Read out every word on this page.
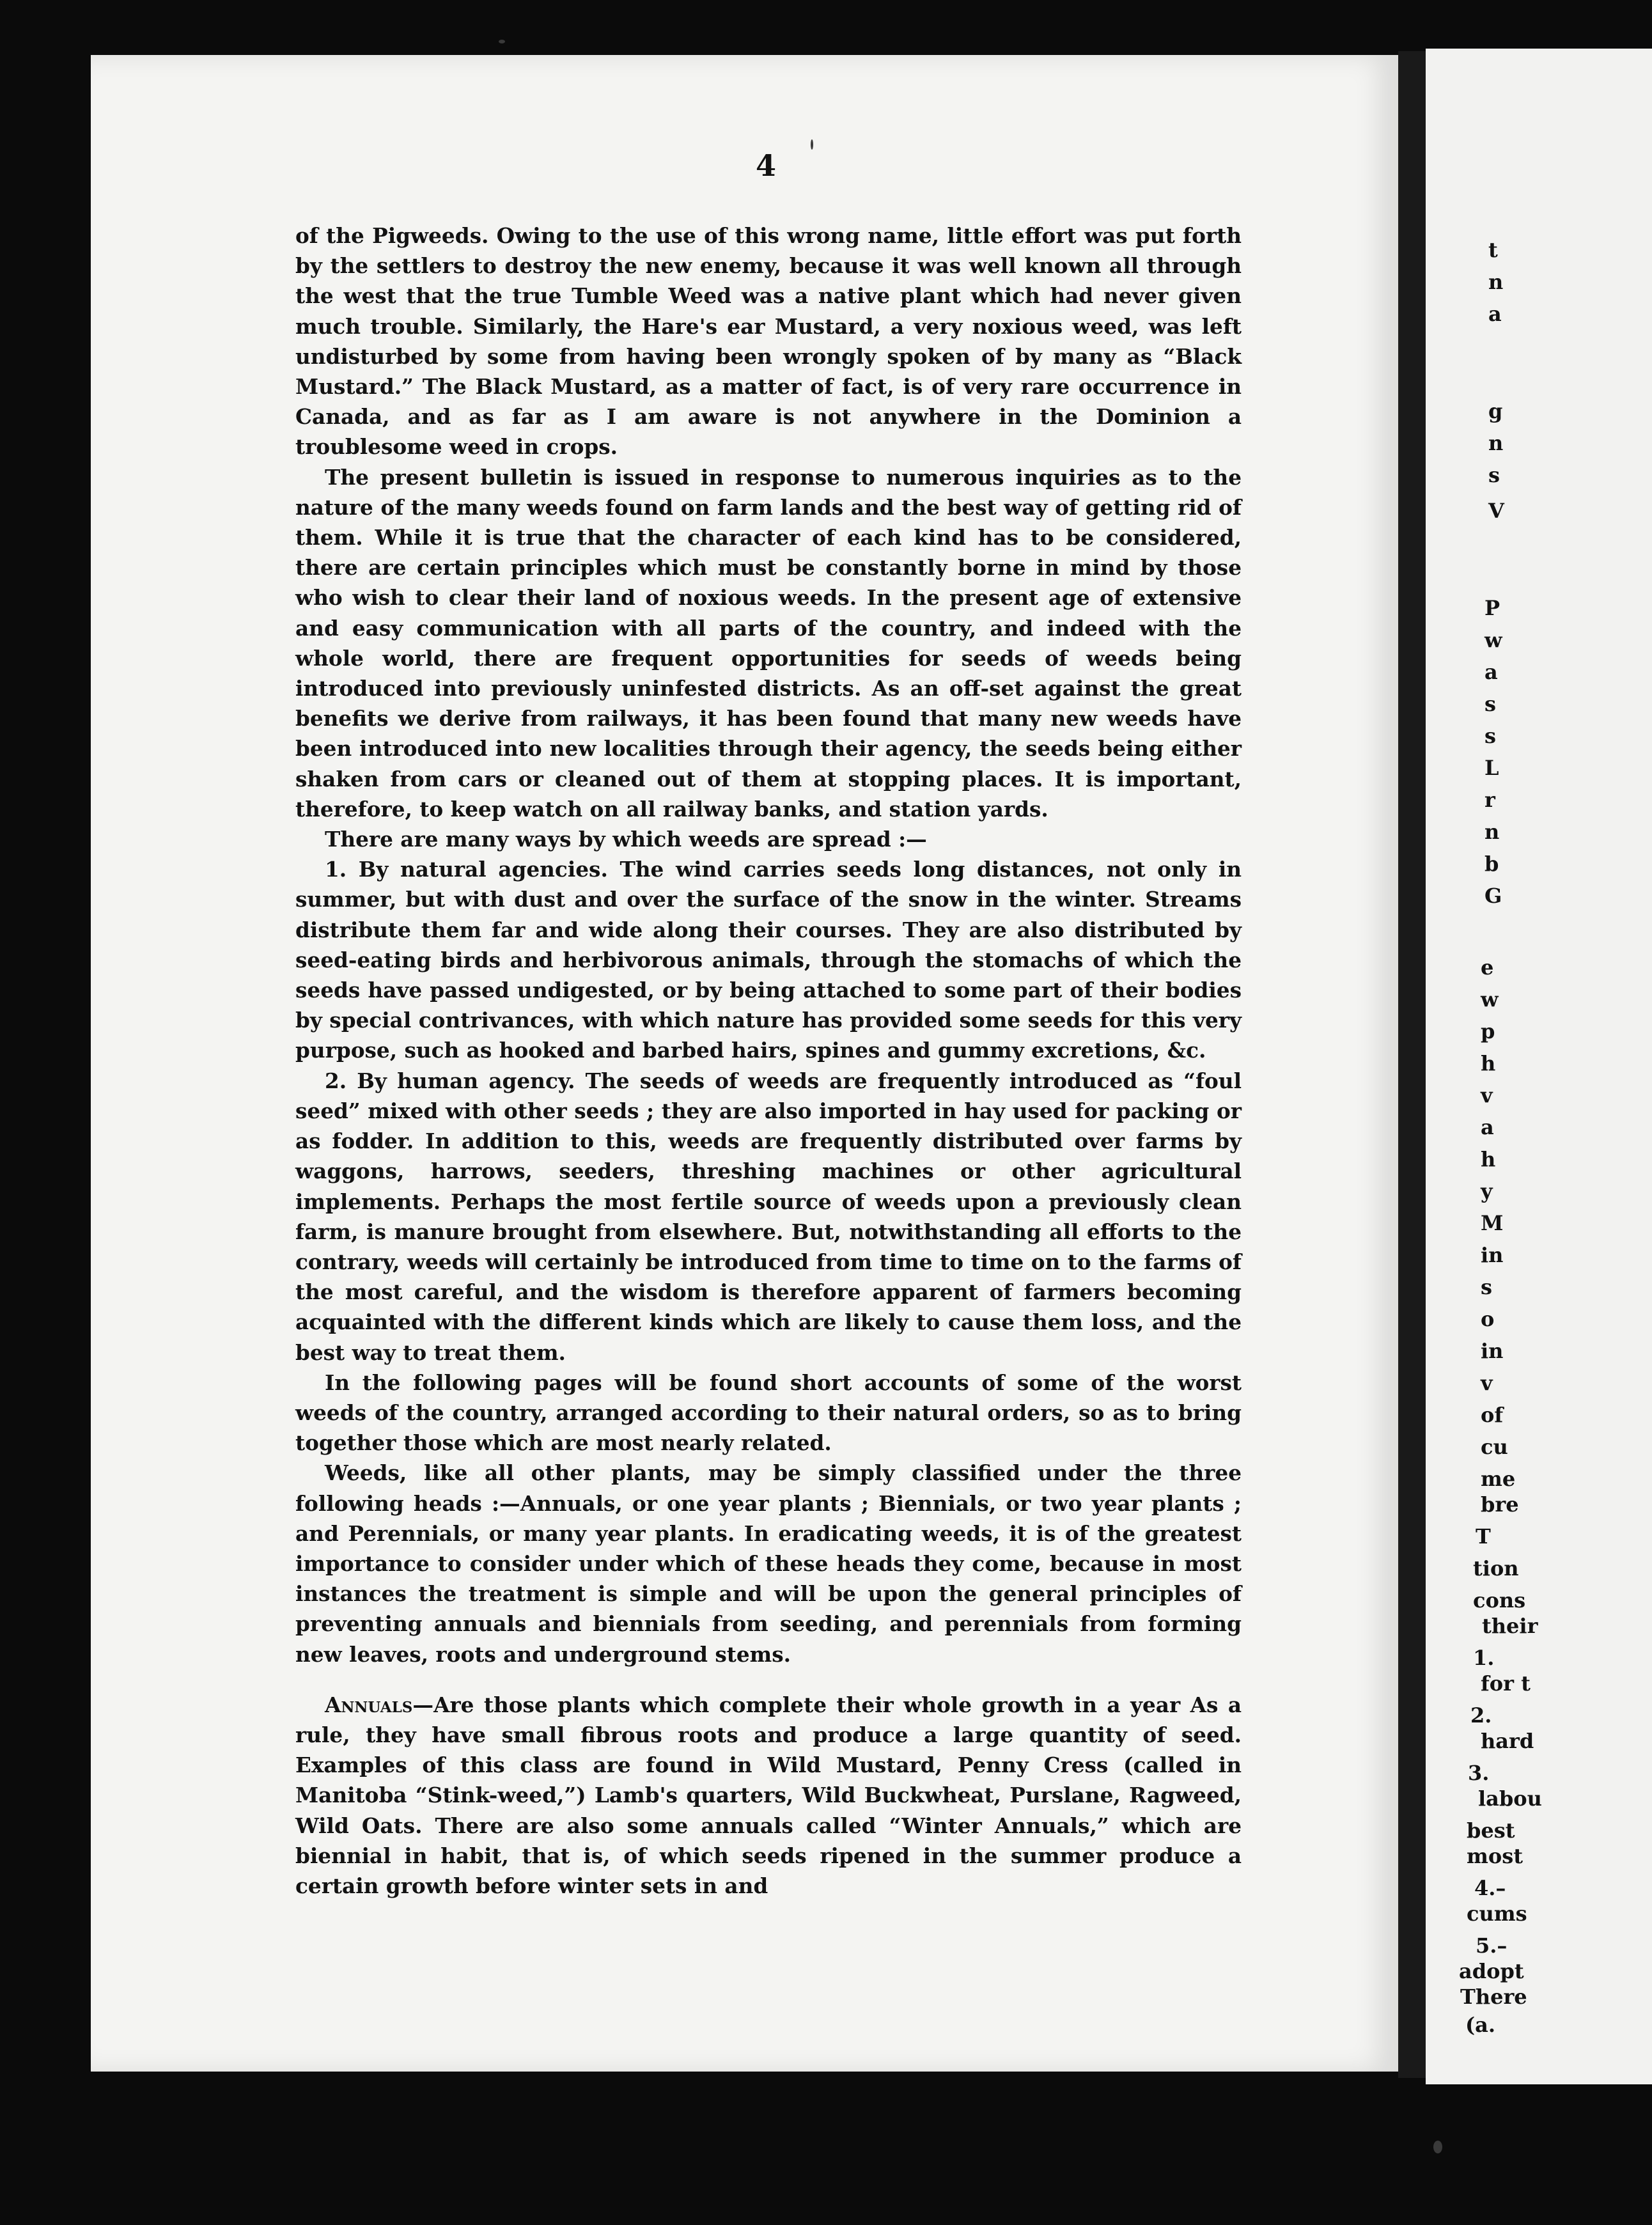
t
n
a
g
n
s
V
P
w
a
s
s
L
r
n
b
G
e
w
p
h
v
a
h
y
M
in
s
o
in
v
of
cu
me
bre
T
tion
cons
their
1.
for t
2.
hard
3.
labou
best
most
4.–
cums
5.–
adopt
There
(a.
4

of the Pigweeds. Owing to the use of this wrong name, little effort was put forth by the settlers to destroy the new enemy, because it was well known all through the west that the true Tumble Weed was a native plant which had never given much trouble. Similarly, the Hare's ear Mustard, a very noxious weed, was left undisturbed by some from having been wrongly spoken of by many as “Black Mustard.” The Black Mustard, as a matter of fact, is of very rare occurrence in Canada, and as far as I am aware is not anywhere in the Dominion a troublesome weed in crops.

The present bulletin is issued in response to numerous inquiries as to the nature of the many weeds found on farm lands and the best way of getting rid of them. While it is true that the character of each kind has to be considered, there are certain principles which must be constantly borne in mind by those who wish to clear their land of noxious weeds. In the present age of extensive and easy communication with all parts of the country, and indeed with the whole world, there are frequent opportunities for seeds of weeds being introduced into previously uninfested districts. As an off-set against the great benefits we derive from railways, it has been found that many new weeds have been introduced into new localities through their agency, the seeds being either shaken from cars or cleaned out of them at stopping places. It is important, therefore, to keep watch on all railway banks, and station yards.

There are many ways by which weeds are spread :—

1. By natural agencies. The wind carries seeds long distances, not only in summer, but with dust and over the surface of the snow in the winter. Streams distribute them far and wide along their courses. They are also distributed by seed-eating birds and herbivorous animals, through the stomachs of which the seeds have passed undigested, or by being attached to some part of their bodies by special contrivances, with which nature has provided some seeds for this very purpose, such as hooked and barbed hairs, spines and gummy excretions, &c.

2. By human agency. The seeds of weeds are frequently introduced as “foul seed” mixed with other seeds ; they are also imported in hay used for packing or as fodder. In addition to this, weeds are frequently distributed over farms by waggons, harrows, seeders, threshing machines or other agricultural implements. Perhaps the most fertile source of weeds upon a previously clean farm, is manure brought from elsewhere. But, notwithstanding all efforts to the contrary, weeds will certainly be introduced from time to time on to the farms of the most careful, and the wisdom is therefore apparent of farmers becoming acquainted with the different kinds which are likely to cause them loss, and the best way to treat them.

In the following pages will be found short accounts of some of the worst weeds of the country, arranged according to their natural orders, so as to bring together those which are most nearly related.

Weeds, like all other plants, may be simply classified under the three following heads :—Annuals, or one year plants ; Biennials, or two year plants ; and Perennials, or many year plants. In eradicating weeds, it is of the greatest importance to consider under which of these heads they come, because in most instances the treatment is simple and will be upon the general principles of preventing annuals and biennials from seeding, and perennials from forming new leaves, roots and underground stems.

Annuals—Are those plants which complete their whole growth in a year As a rule, they have small fibrous roots and produce a large quantity of seed. Examples of this class are found in Wild Mustard, Penny Cress (called in Manitoba “Stink-weed,”) Lamb's quarters, Wild Buckwheat, Purslane, Ragweed, Wild Oats. There are also some annuals called “Winter Annuals,” which are biennial in habit, that is, of which seeds ripened in the summer produce a certain growth before winter sets in and
